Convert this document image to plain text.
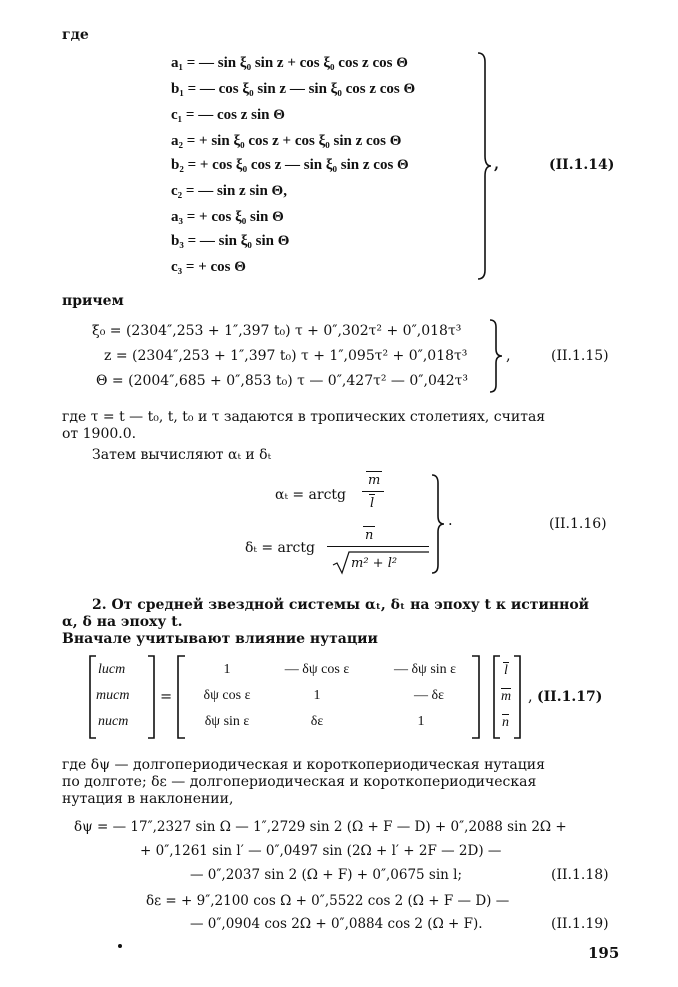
где
a₁ = — sin ξ₀ sin z + cos ξ₀ cos z cos Θ
b₁ = — cos ξ₀ sin z — sin ξ₀ cos z cos Θ
c₁ = — cos z sin Θ
a₂ = + sin ξ₀ cos z + cos ξ₀ sin z cos Θ
b₂ = + cos ξ₀ cos z — sin ξ₀ sin z cos Θ
c₂ = — sin z sin Θ,
a₃ = + cos ξ₀ sin Θ
b₃ = — sin ξ₀ sin Θ
c₃ = + cos Θ
,	(II.1.14)
причем
ξ₀ = (2304″,253 + 1″,397 t₀) τ + 0″,302τ² + 0″,018τ³
z = (2304″,253 + 1″,397 t₀) τ + 1″,095τ² + 0″,018τ³
Θ = (2004″,685 + 0″,853 t₀) τ — 0″,427τ² — 0″,042τ³
,	(II.1.15)
где τ = t — t₀, t, t₀ и τ задаются в тропических столетиях, считая
от 1900.0.
Затем вычисляют αₜ и δₜ
αₜ = arctg
m
l
δₜ = arctg
n
m² + l²
.	(II.1.16)
2. От средней звездной системы αₜ, δₜ на эпоху t к истинной
α, δ на эпоху t.
Вначале учитывают влияние нутации
lист
mист
nист
=
1	— δψ cos ε	— δψ sin ε
δψ cos ε	1	— δε
δψ sin ε	δε	1
l
m
n
, (II.1.17)
где δψ — долгопериодическая и короткопериодическая нутация
по долготе; δε — долгопериодическая и короткопериодическая
нутация в наклонении,
δψ = — 17″,2327 sin Ω — 1″,2729 sin 2 (Ω + F — D) + 0″,2088 sin 2Ω +
+ 0″,1261 sin l′ — 0″,0497 sin (2Ω + l′ + 2F — 2D) —
— 0″,2037 sin 2 (Ω + F) + 0″,0675 sin l;	(II.1.18)
δε = + 9″,2100 cos Ω + 0″,5522 cos 2 (Ω + F — D) —
— 0″,0904 cos 2Ω + 0″,0884 cos 2 (Ω + F).	(II.1.19)
195
